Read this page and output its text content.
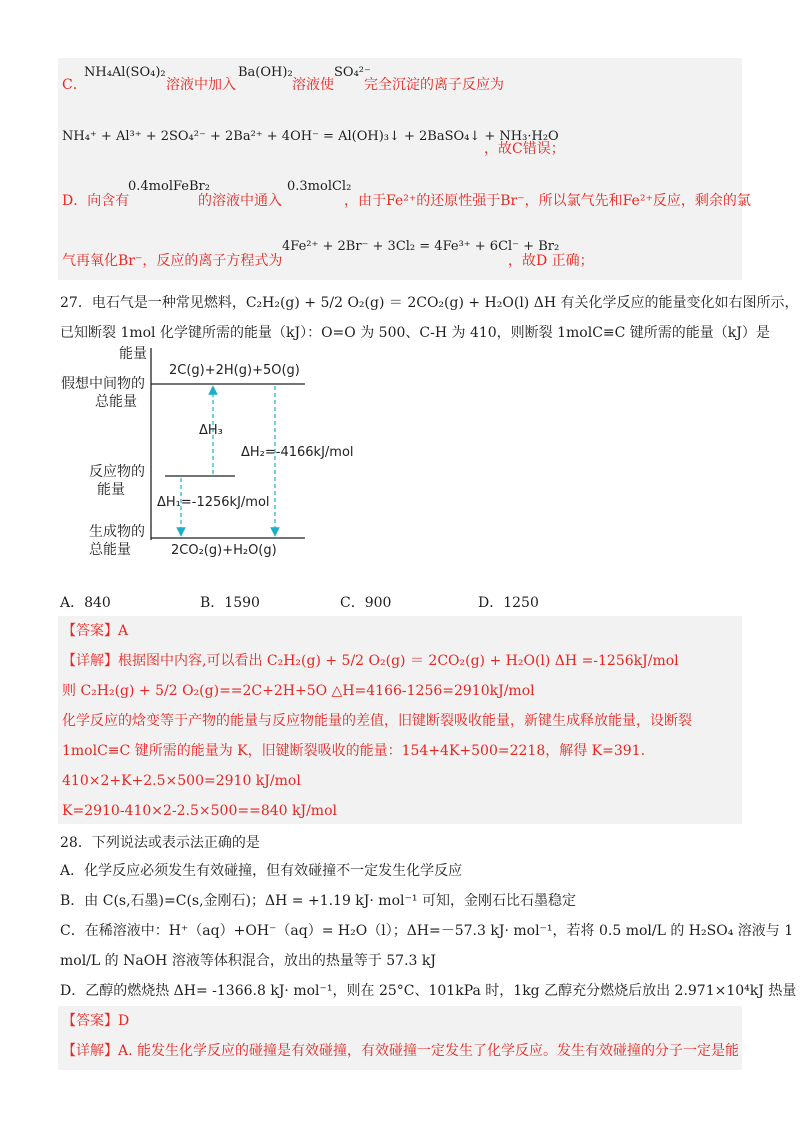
C．
NH₄Al(SO₄)₂
溶液中加入
Ba(OH)₂
溶液使
SO₄²⁻
完全沉淀的离子反应为
NH₄⁺ + Al³⁺ + 2SO₄²⁻ + 2Ba²⁺ + 4OH⁻ = Al(OH)₃↓ + 2BaSO₄↓ + NH₃·H₂O
，故C错误；
D．向含有
0.4molFeBr₂
的溶液中通入
0.3molCl₂
，由于Fe²⁺的还原性强于Br⁻，所以氯气先和Fe²⁺反应，剩余的氯
气再氧化Br⁻，反应的离子方程式为
4Fe²⁺ + 2Br⁻ + 3Cl₂ = 4Fe³⁺ + 6Cl⁻ + Br₂
，故D 正确；
27．电石气是一种常见燃料，C₂H₂(g) + 5/2 O₂(g) ＝ 2CO₂(g) + H₂O(l) ΔH 有关化学反应的能量变化如右图所示，
已知断裂 1mol 化学键所需的能量（kJ）：O=O 为 500、C-H 为 410，则断裂 1molC≡C 键所需的能量（kJ）是
能量
2C(g)+2H(g)+5O(g)
假想中间物的
总能量
反应物的
能量
生成物的
总能量	2CO₂(g)+H₂O(g)
ΔH₃
ΔH₂=-4166kJ/mol
ΔH₁=-1256kJ/mol
A．840	B．1590	C．900	D．1250
【答案】A
【详解】根据图中内容,可以看出 C₂H₂(g) + 5/2 O₂(g) ＝ 2CO₂(g) + H₂O(l) ΔH =-1256kJ/mol
则 C₂H₂(g) + 5/2 O₂(g)==2C+2H+5O △H=4166-1256=2910kJ/mol
化学反应的焓变等于产物的能量与反应物能量的差值，旧键断裂吸收能量，新键生成释放能量，设断裂
1molC≡C 键所需的能量为 K，旧键断裂吸收的能量：154+4K+500=2218，解得 K=391.
410×2+K+2.5×500=2910 kJ/mol
K=2910-410×2-2.5×500==840 kJ/mol
28．下列说法或表示法正确的是
A．化学反应必须发生有效碰撞，但有效碰撞不一定发生化学反应
B．由 C(s,石墨)=C(s,金刚石)；ΔH = +1.19 kJ· mol⁻¹ 可知，金刚石比石墨稳定
C．在稀溶液中：H⁺（aq）+OH⁻（aq）= H₂O（l）；ΔH=－57.3 kJ· mol⁻¹，若将 0.5 mol/L 的 H₂SO₄ 溶液与 1
mol/L 的 NaOH 溶液等体积混合，放出的热量等于 57.3 kJ
D．乙醇的燃烧热 ΔH= -1366.8 kJ· mol⁻¹，则在 25°C、101kPa 时，1kg 乙醇充分燃烧后放出 2.971×10⁴kJ 热量
【答案】D
【详解】A. 能发生化学反应的碰撞是有效碰撞，有效碰撞一定发生了化学反应。发生有效碰撞的分子一定是能
